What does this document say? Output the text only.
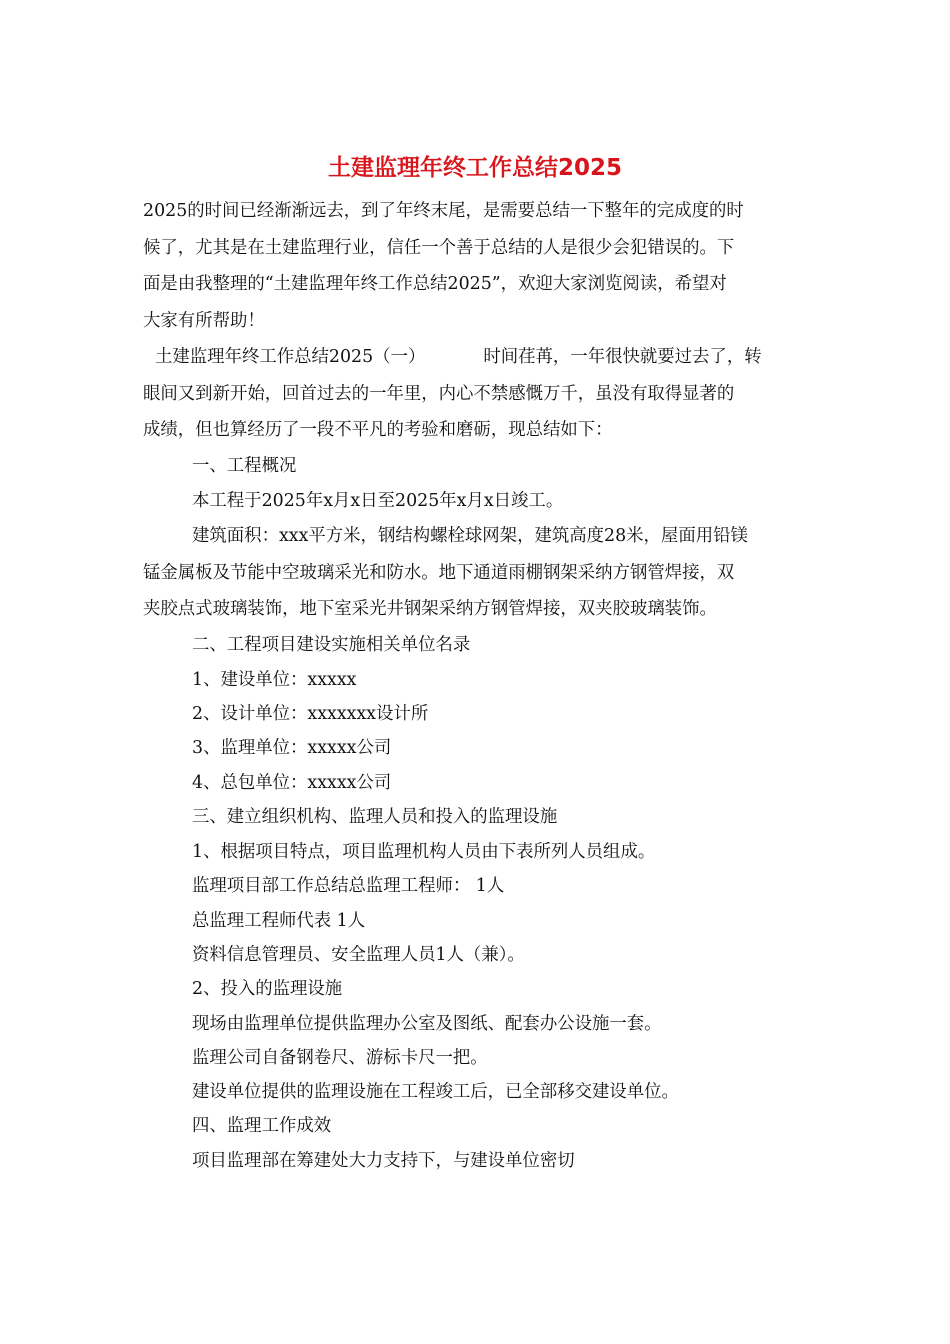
土建监理年终工作总结2025
2025的时间已经渐渐远去，到了年终末尾，是需要总结一下整年的完成度的时
候了，尤其是在土建监理行业，信任一个善于总结的人是很少会犯错误的。下
面是由我整理的“土建监理年终工作总结2025”，欢迎大家浏览阅读，希望对
大家有所帮助！
土建监理年终工作总结2025（一）	时间荏苒，一年很快就要过去了，转
眼间又到新开始，回首过去的一年里，内心不禁感慨万千，虽没有取得显著的
成绩，但也算经历了一段不平凡的考验和磨砺，现总结如下：
一、工程概况
本工程于2025年x月x日至2025年x月x日竣工。
建筑面积：xxx平方米，钢结构螺栓球网架，建筑高度28米，屋面用铅镁
锰金属板及节能中空玻璃采光和防水。地下通道雨棚钢架采纳方钢管焊接，双
夹胶点式玻璃装饰，地下室采光井钢架采纳方钢管焊接，双夹胶玻璃装饰。
二、工程项目建设实施相关单位名录
1、建设单位：xxxxx
2、设计单位：xxxxxxx设计所
3、监理单位：xxxxx公司
4、总包单位：xxxxx公司
三、建立组织机构、监理人员和投入的监理设施
1、根据项目特点，项目监理机构人员由下表所列人员组成。
监理项目部工作总结总监理工程师： 1人
总监理工程师代表 1人
资料信息管理员、安全监理人员1人（兼）。
2、投入的监理设施
现场由监理单位提供监理办公室及图纸、配套办公设施一套。
监理公司自备钢卷尺、游标卡尺一把。
建设单位提供的监理设施在工程竣工后，已全部移交建设单位。
四、监理工作成效
项目监理部在筹建处大力支持下，与建设单位密切
